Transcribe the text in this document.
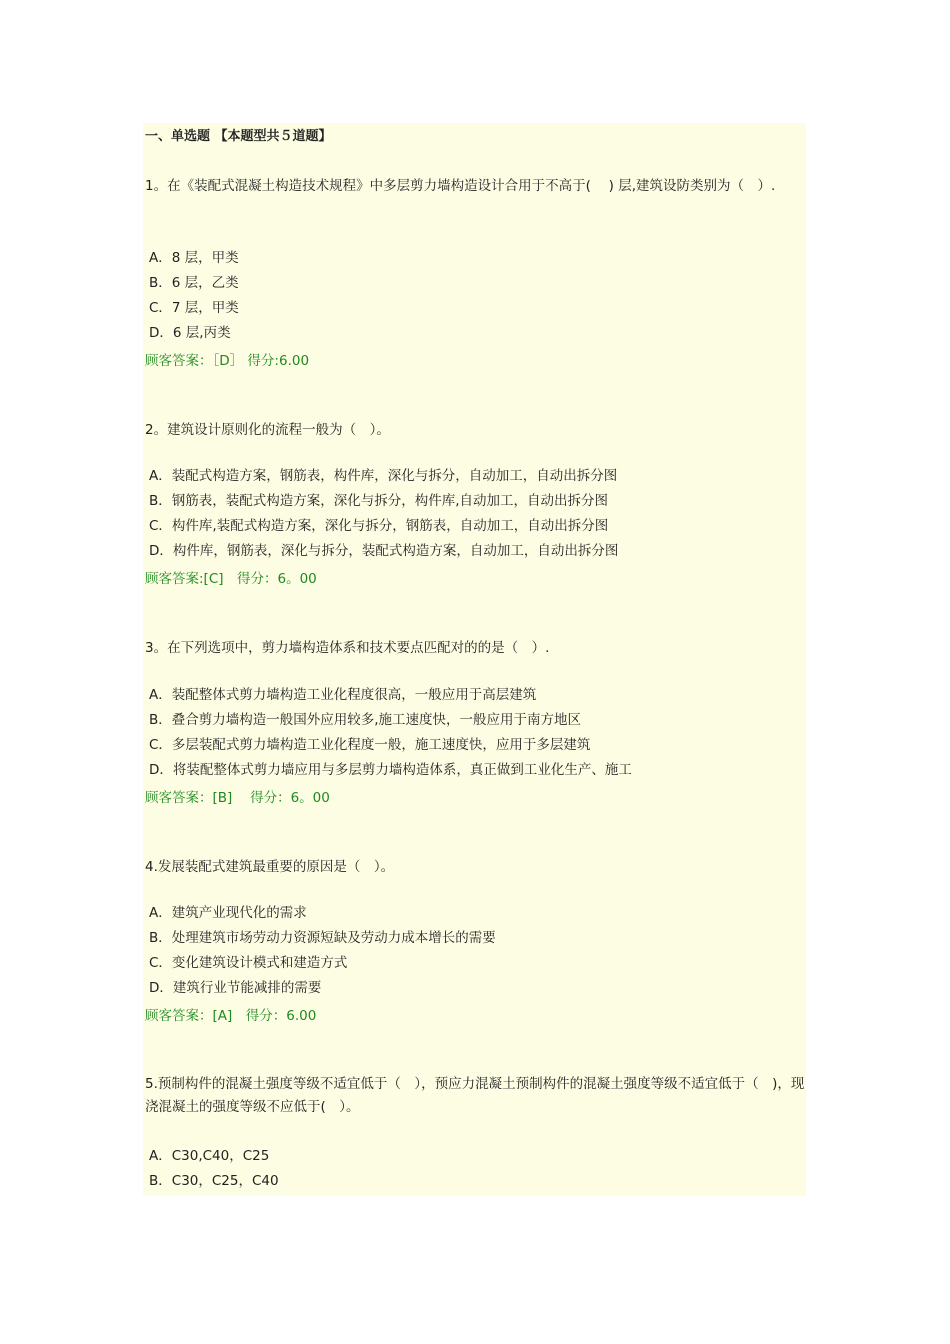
一、单选题 【本题型共５道题】
1。在《装配式混凝土构造技术规程》中多层剪力墙构造设计合用于不高于(　 ) 层,建筑设防类别为（　）.
A．8 层，甲类
B．6 层，乙类
C．7 层，甲类
D．6 层,丙类
顾客答案：［D］ 得分:6.00
2。建筑设计原则化的流程一般为（　）。
A．装配式构造方案，钢筋表，构件库，深化与拆分，自动加工，自动出拆分图
B．钢筋表，装配式构造方案，深化与拆分，构件库,自动加工，自动出拆分图
C．构件库,装配式构造方案，深化与拆分，钢筋表，自动加工，自动出拆分图
D．构件库，钢筋表，深化与拆分，装配式构造方案，自动加工，自动出拆分图
顾客答案:[C]　得分：6。00
3。在下列选项中，剪力墙构造体系和技术要点匹配对的的是（　）.
A．装配整体式剪力墙构造工业化程度很高，一般应用于高层建筑
B．叠合剪力墙构造一般国外应用较多,施工速度快，一般应用于南方地区
C．多层装配式剪力墙构造工业化程度一般，施工速度快，应用于多层建筑
D．将装配整体式剪力墙应用与多层剪力墙构造体系，真正做到工业化生产、施工
顾客答案：[B]　 得分：6。00
4.发展装配式建筑最重要的原因是（　）。
A．建筑产业现代化的需求
B．处理建筑市场劳动力资源短缺及劳动力成本增长的需要
C．变化建筑设计模式和建造方式
D．建筑行业节能减排的需要
顾客答案：[A]　得分：6.00
5.预制构件的混凝土强度等级不适宜低于（　），预应力混凝土预制构件的混凝土强度等级不适宜低于（　)，现浇混凝土的强度等级不应低于(　）。
A．C30,C40，C25
B．C30，C25，C40
